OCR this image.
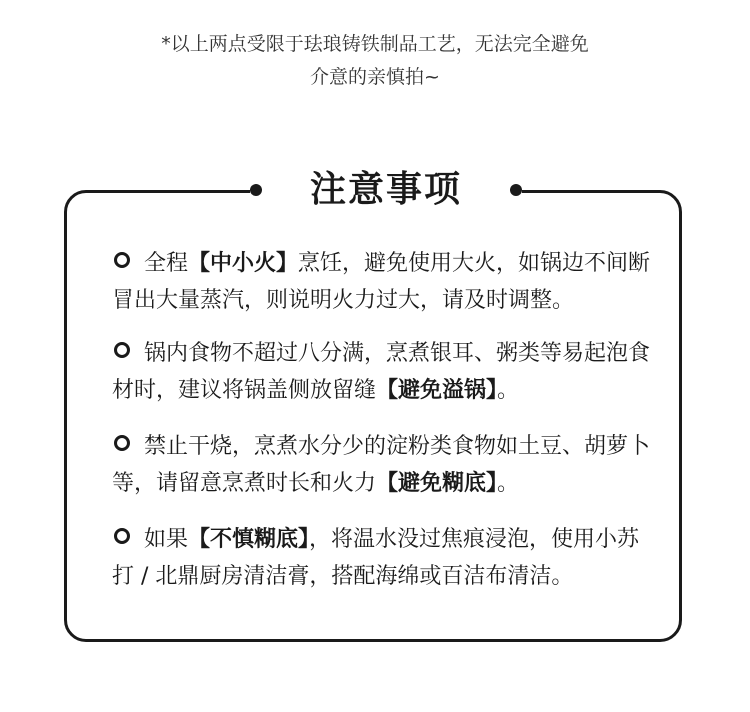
*以上两点受限于珐琅铸铁制品工艺，无法完全避免
介意的亲慎拍~
注意事项
全程【中小火】烹饪，避免使用大火，如锅边不间断冒出大量蒸汽，则说明火力过大，请及时调整。
锅内食物不超过八分满，烹煮银耳、粥类等易起泡食材时，建议将锅盖侧放留缝【避免溢锅】。
禁止干烧，烹煮水分少的淀粉类食物如土豆、胡萝卜等，请留意烹煮时长和火力【避免糊底】。
如果【不慎糊底】，将温水没过焦痕浸泡，使用小苏打 / 北鼎厨房清洁膏，搭配海绵或百洁布清洁。
